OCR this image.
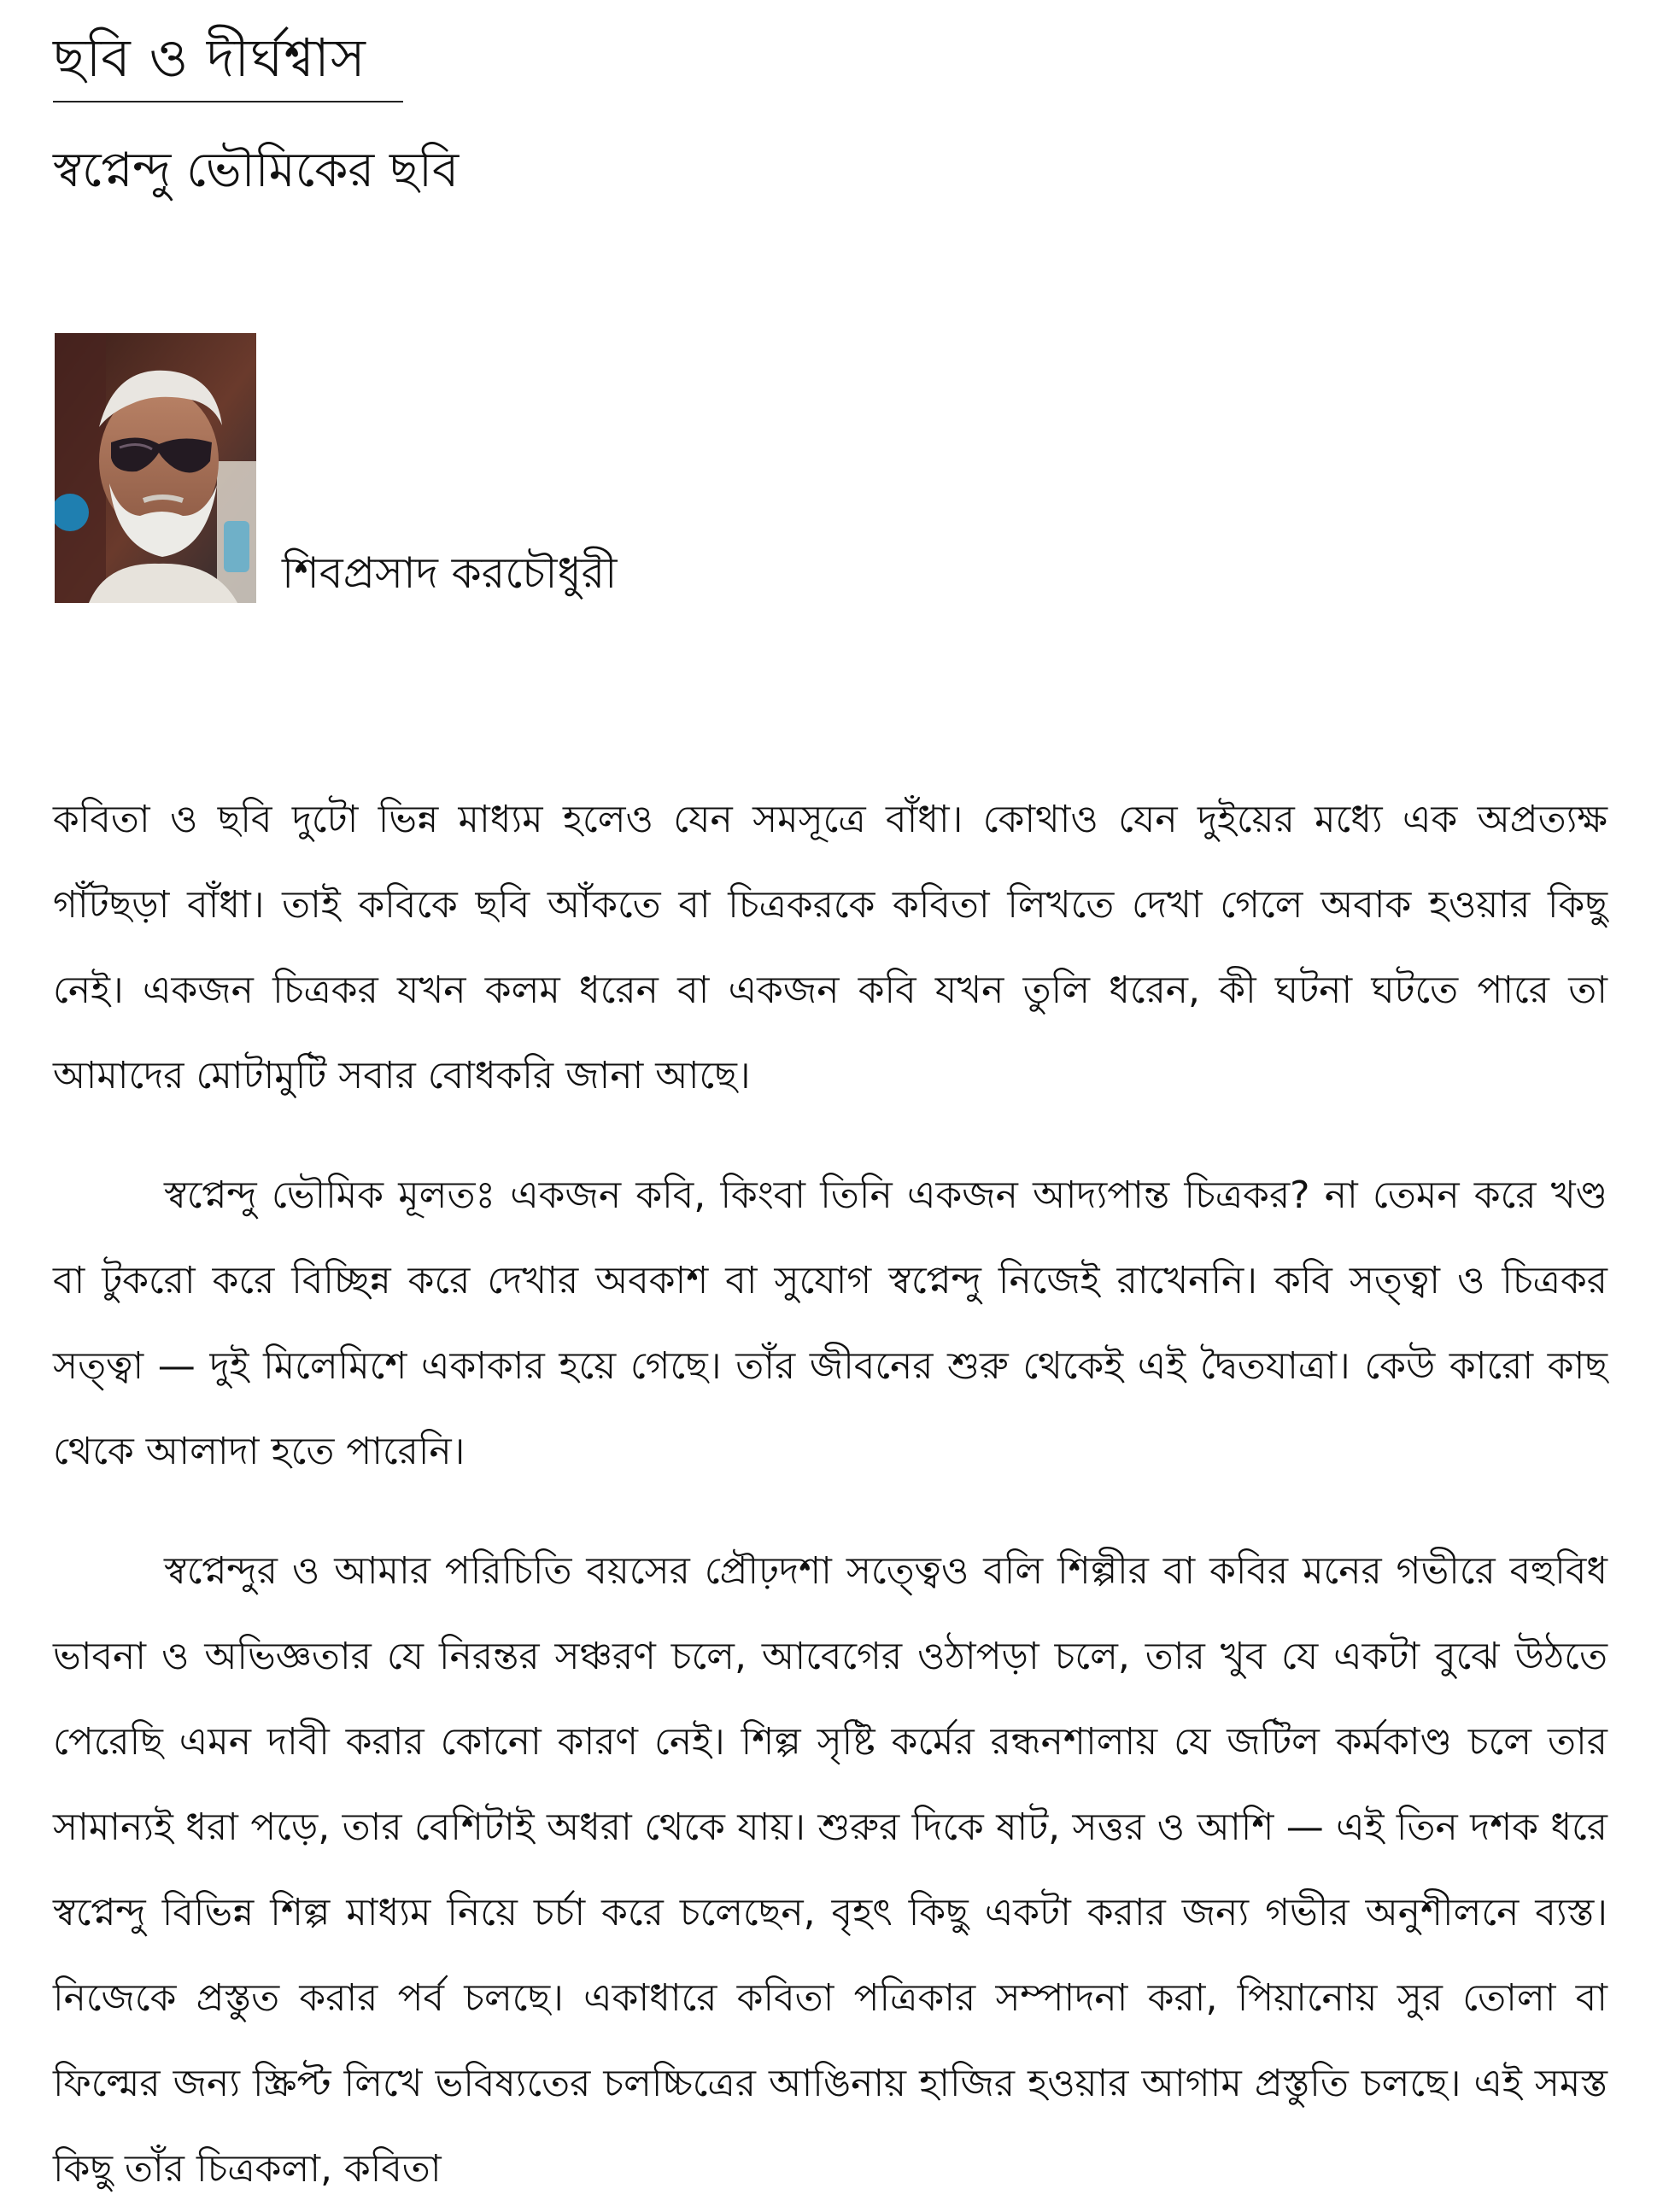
ছবি ও দীর্ঘশ্বাস
স্বপ্নেন্দু ভৌমিকের ছবি
শিবপ্রসাদ করচৌধুরী

কবিতা ও ছবি দুটো ভিন্ন মাধ্যম হলেও যেন সমসূত্রে বাঁধা। কোথাও যেন দুইয়ের মধ্যে এক অপ্রত্যক্ষ গাঁটছড়া বাঁধা। তাই কবিকে ছবি আঁকতে বা চিত্রকরকে কবিতা লিখতে দেখা গেলে অবাক হওয়ার কিছু নেই। একজন চিত্রকর যখন কলম ধরেন বা একজন কবি যখন তুলি ধরেন, কী ঘটনা ঘটতে পারে তা আমাদের মোটামুটি সবার বোধকরি জানা আছে।

স্বপ্নেন্দু ভৌমিক মূলতঃ একজন কবি, কিংবা তিনি একজন আদ্যপান্ত চিত্রকর? না তেমন করে খণ্ড বা টুকরো করে বিচ্ছিন্ন করে দেখার অবকাশ বা সুযোগ স্বপ্নেন্দু নিজেই রাখেননি। কবি সত্ত্বা ও চিত্রকর সত্ত্বা — দুই মিলেমিশে একাকার হয়ে গেছে। তাঁর জীবনের শুরু থেকেই এই দ্বৈতযাত্রা। কেউ কারো কাছ থেকে আলাদা হতে পারেনি।

স্বপ্নেন্দুর ও আমার পরিচিতি বয়সের প্রৌঢ়দশা সত্ত্বেও বলি শিল্পীর বা কবির মনের গভীরে বহুবিধ ভাবনা ও অভিজ্ঞতার যে নিরন্তর সঞ্চরণ চলে, আবেগের ওঠাপড়া চলে, তার খুব যে একটা বুঝে উঠতে পেরেছি এমন দাবী করার কোনো কারণ নেই। শিল্প সৃষ্টি কর্মের রন্ধনশালায় যে জটিল কর্মকাণ্ড চলে তার সামান্যই ধরা পড়ে, তার বেশিটাই অধরা থেকে যায়। শুরুর দিকে ষাট, সত্তর ও আশি — এই তিন দশক ধরে স্বপ্নেন্দু বিভিন্ন শিল্প মাধ্যম নিয়ে চর্চা করে চলেছেন, বৃহৎ কিছু একটা করার জন্য গভীর অনুশীলনে ব্যস্ত। নিজেকে প্রস্তুত করার পর্ব চলছে। একাধারে কবিতা পত্রিকার সম্পাদনা করা, পিয়ানোয় সুর তোলা বা ফিল্মের জন্য স্ক্রিপ্ট লিখে ভবিষ্যতের চলচ্চিত্রের আঙিনায় হাজির হওয়ার আগাম প্রস্তুতি চলছে। এই সমস্ত কিছু তাঁর চিত্রকলা, কবিতা
